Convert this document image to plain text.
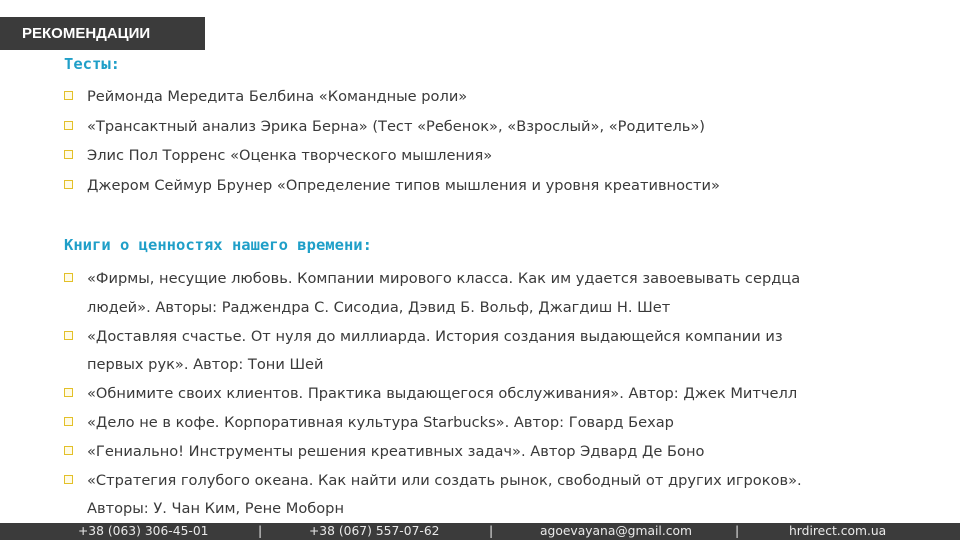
РЕКОМЕНДАЦИИ
Тесты:
Реймонда Мередита Белбина «Командные роли»
«Трансактный анализ Эрика Берна» (Тест «Ребенок», «Взрослый», «Родитель»)
Элис Пол Торренс «Оценка творческого мышления»
Джером Сеймур Брунер «Определение типов мышления и уровня креативности»
Книги о ценностях нашего времени:
«Фирмы, несущие любовь. Компании мирового класса. Как им удается завоевывать сердца
людей». Авторы: Раджендра С. Сисодиа, Дэвид Б. Вольф, Джагдиш Н. Шет
«Доставляя счастье. От нуля до миллиарда. История создания выдающейся компании из
первых рук». Автор: Тони Шей
«Обнимите своих клиентов. Практика выдающегося обслуживания». Автор: Джек Митчелл
«Дело не в кофе. Корпоративная культура Starbucks». Автор: Говард Бехар
«Гениально! Инструменты решения креативных задач». Автор Эдвард Де Боно
«Стратегия голубого океана. Как найти или создать рынок, свободный от других игроков».
Авторы: У. Чан Ким, Рене Моборн
+38 (063) 306-45-01	|	+38 (067) 557-07-62	|	agoevayana@gmail.com	|	hrdirect.com.ua
